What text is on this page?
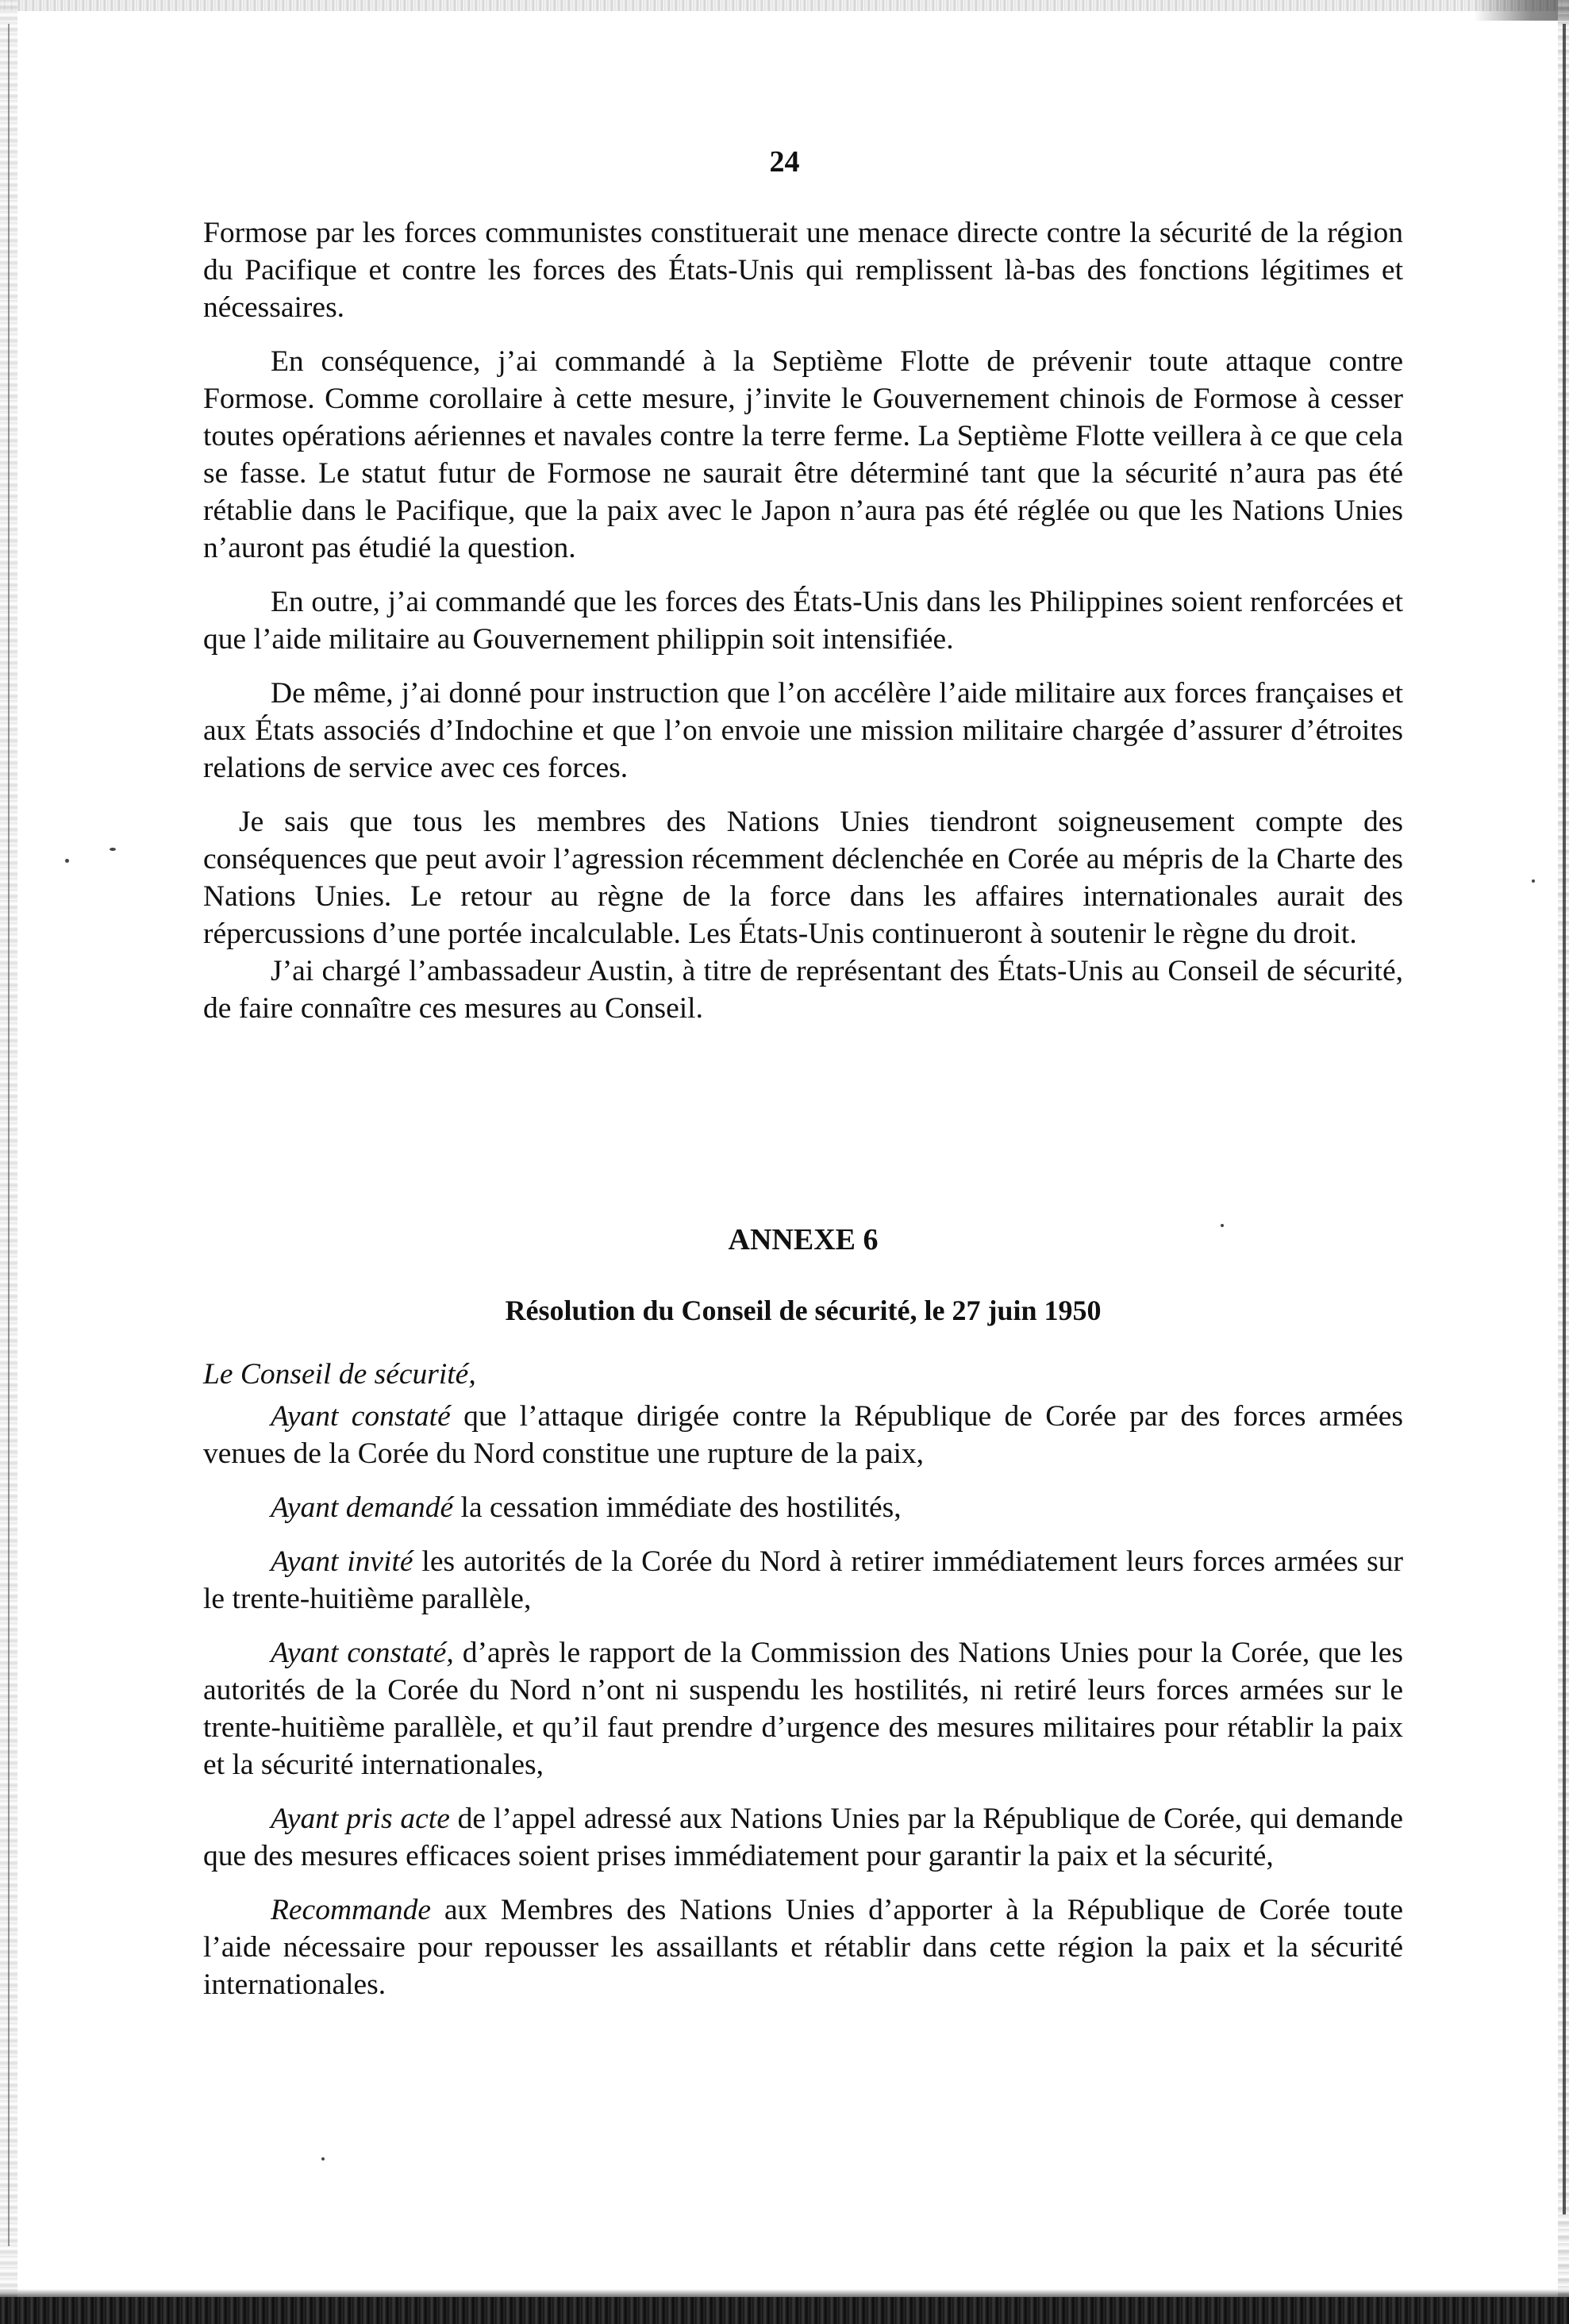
24

Formose par les forces communistes constituerait une menace directe contre la sécurité de la région du Pacifique et contre les forces des États-Unis qui remplissent là-bas des fonctions légitimes et nécessaires.

En conséquence, j’ai commandé à la Septième Flotte de prévenir toute attaque contre Formose. Comme corollaire à cette mesure, j’invite le Gouvernement chinois de Formose à cesser toutes opérations aériennes et navales contre la terre ferme. La Septième Flotte veillera à ce que cela se fasse. Le statut futur de Formose ne saurait être déterminé tant que la sécurité n’aura pas été rétablie dans le Pacifique, que la paix avec le Japon n’aura pas été réglée ou que les Nations Unies n’auront pas étudié la question.

En outre, j’ai commandé que les forces des États-Unis dans les Philippines soient renforcées et que l’aide militaire au Gouvernement philippin soit intensifiée.

De même, j’ai donné pour instruction que l’on accélère l’aide militaire aux forces françaises et aux États associés d’Indochine et que l’on envoie une mission militaire chargée d’assurer d’étroites relations de service avec ces forces.

Je sais que tous les membres des Nations Unies tiendront soigneusement compte des conséquences que peut avoir l’agression récemment déclenchée en Corée au mépris de la Charte des Nations Unies. Le retour au règne de la force dans les affaires internationales aurait des répercussions d’une portée incalculable. Les États-Unis continueront à soutenir le règne du droit.

J’ai chargé l’ambassadeur Austin, à titre de représentant des États-Unis au Conseil de sécurité, de faire connaître ces mesures au Conseil.

ANNEXE 6
Résolution du Conseil de sécurité, le 27 juin 1950

Le Conseil de sécurité,

Ayant constaté que l’attaque dirigée contre la République de Corée par des forces armées venues de la Corée du Nord constitue une rupture de la paix,

Ayant demandé la cessation immédiate des hostilités,

Ayant invité les autorités de la Corée du Nord à retirer immédiatement leurs forces armées sur le trente-huitième parallèle,

Ayant constaté, d’après le rapport de la Commission des Nations Unies pour la Corée, que les autorités de la Corée du Nord n’ont ni suspendu les hostilités, ni retiré leurs forces armées sur le trente-huitième parallèle, et qu’il faut prendre d’urgence des mesures militaires pour rétablir la paix et la sécurité internationales,

Ayant pris acte de l’appel adressé aux Nations Unies par la République de Corée, qui demande que des mesures efficaces soient prises immédiatement pour garantir la paix et la sécurité,

Recommande aux Membres des Nations Unies d’apporter à la République de Corée toute l’aide nécessaire pour repousser les assaillants et rétablir dans cette région la paix et la sécurité internationales.
